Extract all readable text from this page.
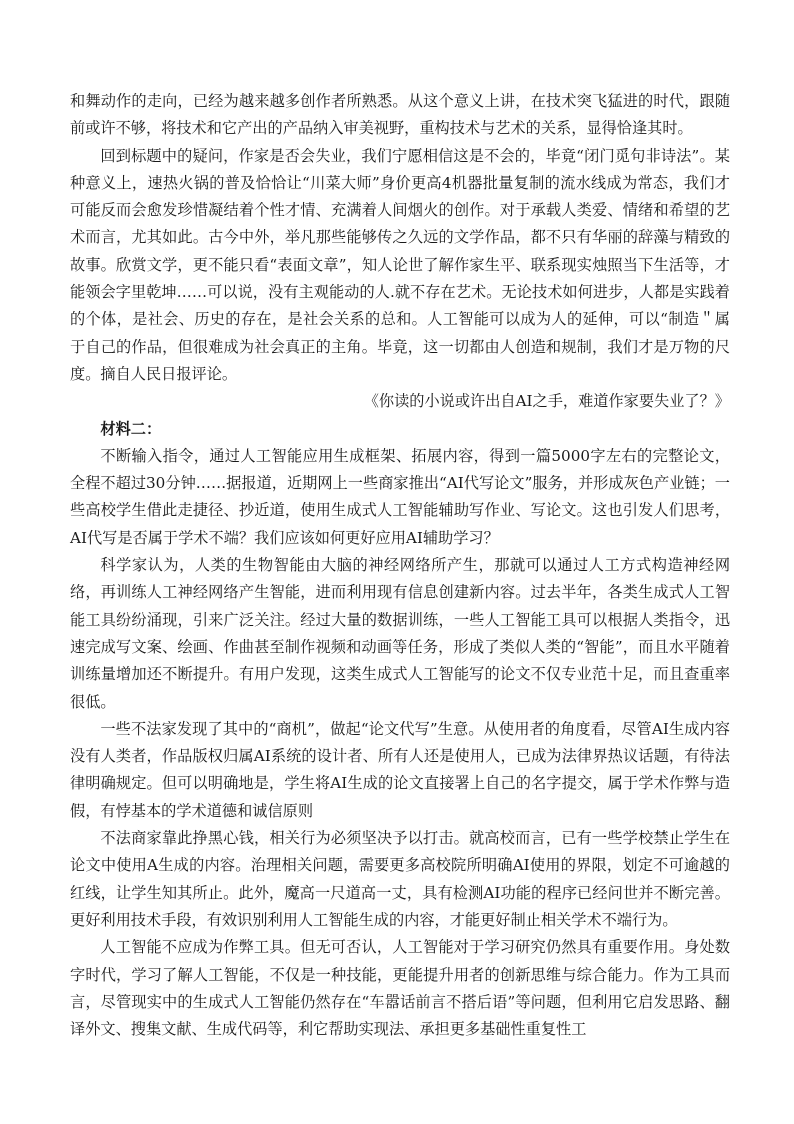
和舞动作的走向，已经为越来越多创作者所熟悉。从这个意义上讲，在技术突飞猛进的时代，跟随前或许不够，将技术和它产出的产品纳入审美视野，重构技术与艺术的关系，显得恰逢其时。

回到标题中的疑问，作家是否会失业，我们宁愿相信这是不会的，毕竟“闭门觅句非诗法”。某种意义上，速热火锅的普及恰恰让“川菜大师”身价更高4机器批量复制的流水线成为常态，我们才可能反而会愈发珍惜凝结着个性才情、充满着人间烟火的创作。对于承载人类爱、情绪和希望的艺术而言，尤其如此。古今中外，举凡那些能够传之久远的文学作品，都不只有华丽的辞藻与精致的故事。欣赏文学，更不能只看“表面文章”，知人论世了解作家生平、联系现实烛照当下生活等，才能领会字里乾坤……可以说，没有主观能动的人.就不存在艺术。无论技术如何进步，人都是实践着的个体，是社会、历史的存在，是社会关系的总和。人工智能可以成为人的延伸，可以“制造＂属于自己的作品，但很难成为社会真正的主角。毕竟，这一切都由人创造和规制，我们才是万物的尺度。摘自人民日报评论。

《你读的小说或许出自AI之手，难道作家要失业了？》

材料二：

不断输入指令，通过人工智能应用生成框架、拓展内容，得到一篇5000字左右的完整论文，全程不超过30分钟……据报道，近期网上一些商家推出“AI代写论文”服务，并形成灰色产业链；一些高校学生借此走捷径、抄近道，使用生成式人工智能辅助写作业、写论文。这也引发人们思考，AI代写是否属于学术不端？我们应该如何更好应用AI辅助学习？

科学家认为，人类的生物智能由大脑的神经网络所产生，那就可以通过人工方式构造神经网络，再训练人工神经网络产生智能，进而利用现有信息创建新内容。过去半年，各类生成式人工智能工具纷纷涌现，引来广泛关注。经过大量的数据训练，一些人工智能工具可以根据人类指令，迅速完成写文案、绘画、作曲甚至制作视频和动画等任务，形成了类似人类的“智能”，而且水平随着训练量增加还不断提升。有用户发现，这类生成式人工智能写的论文不仅专业范十足，而且查重率很低。

一些不法家发现了其中的“商机”，做起“论文代写”生意。从使用者的角度看，尽管AI生成内容没有人类者，作品版权归属AI系统的设计者、所有人还是使用人，已成为法律界热议话题，有待法律明确规定。但可以明确地是，学生将AI生成的论文直接署上自己的名字提交，属于学术作弊与造假，有悖基本的学术道德和诚信原则

不法商家靠此挣黑心钱，相关行为必须坚决予以打击。就高校而言，已有一些学校禁止学生在论文中使用A生成的内容。治理相关问题，需要更多高校院所明确AI使用的界限，划定不可逾越的红线，让学生知其所止。此外，魔高一尺道高一丈，具有检测AI功能的程序已经问世并不断完善。更好利用技术手段，有效识别利用人工智能生成的内容，才能更好制止相关学术不端行为。

人工智能不应成为作弊工具。但无可否认，人工智能对于学习研究仍然具有重要作用。身处数字时代，学习了解人工智能，不仅是一种技能，更能提升用者的创新思维与综合能力。作为工具而言，尽管现实中的生成式人工智能仍然存在“车嚣话前言不搭后语”等问题，但利用它启发思路、翻译外文、搜集文献、生成代码等，利它帮助实现法、承担更多基础性重复性工
